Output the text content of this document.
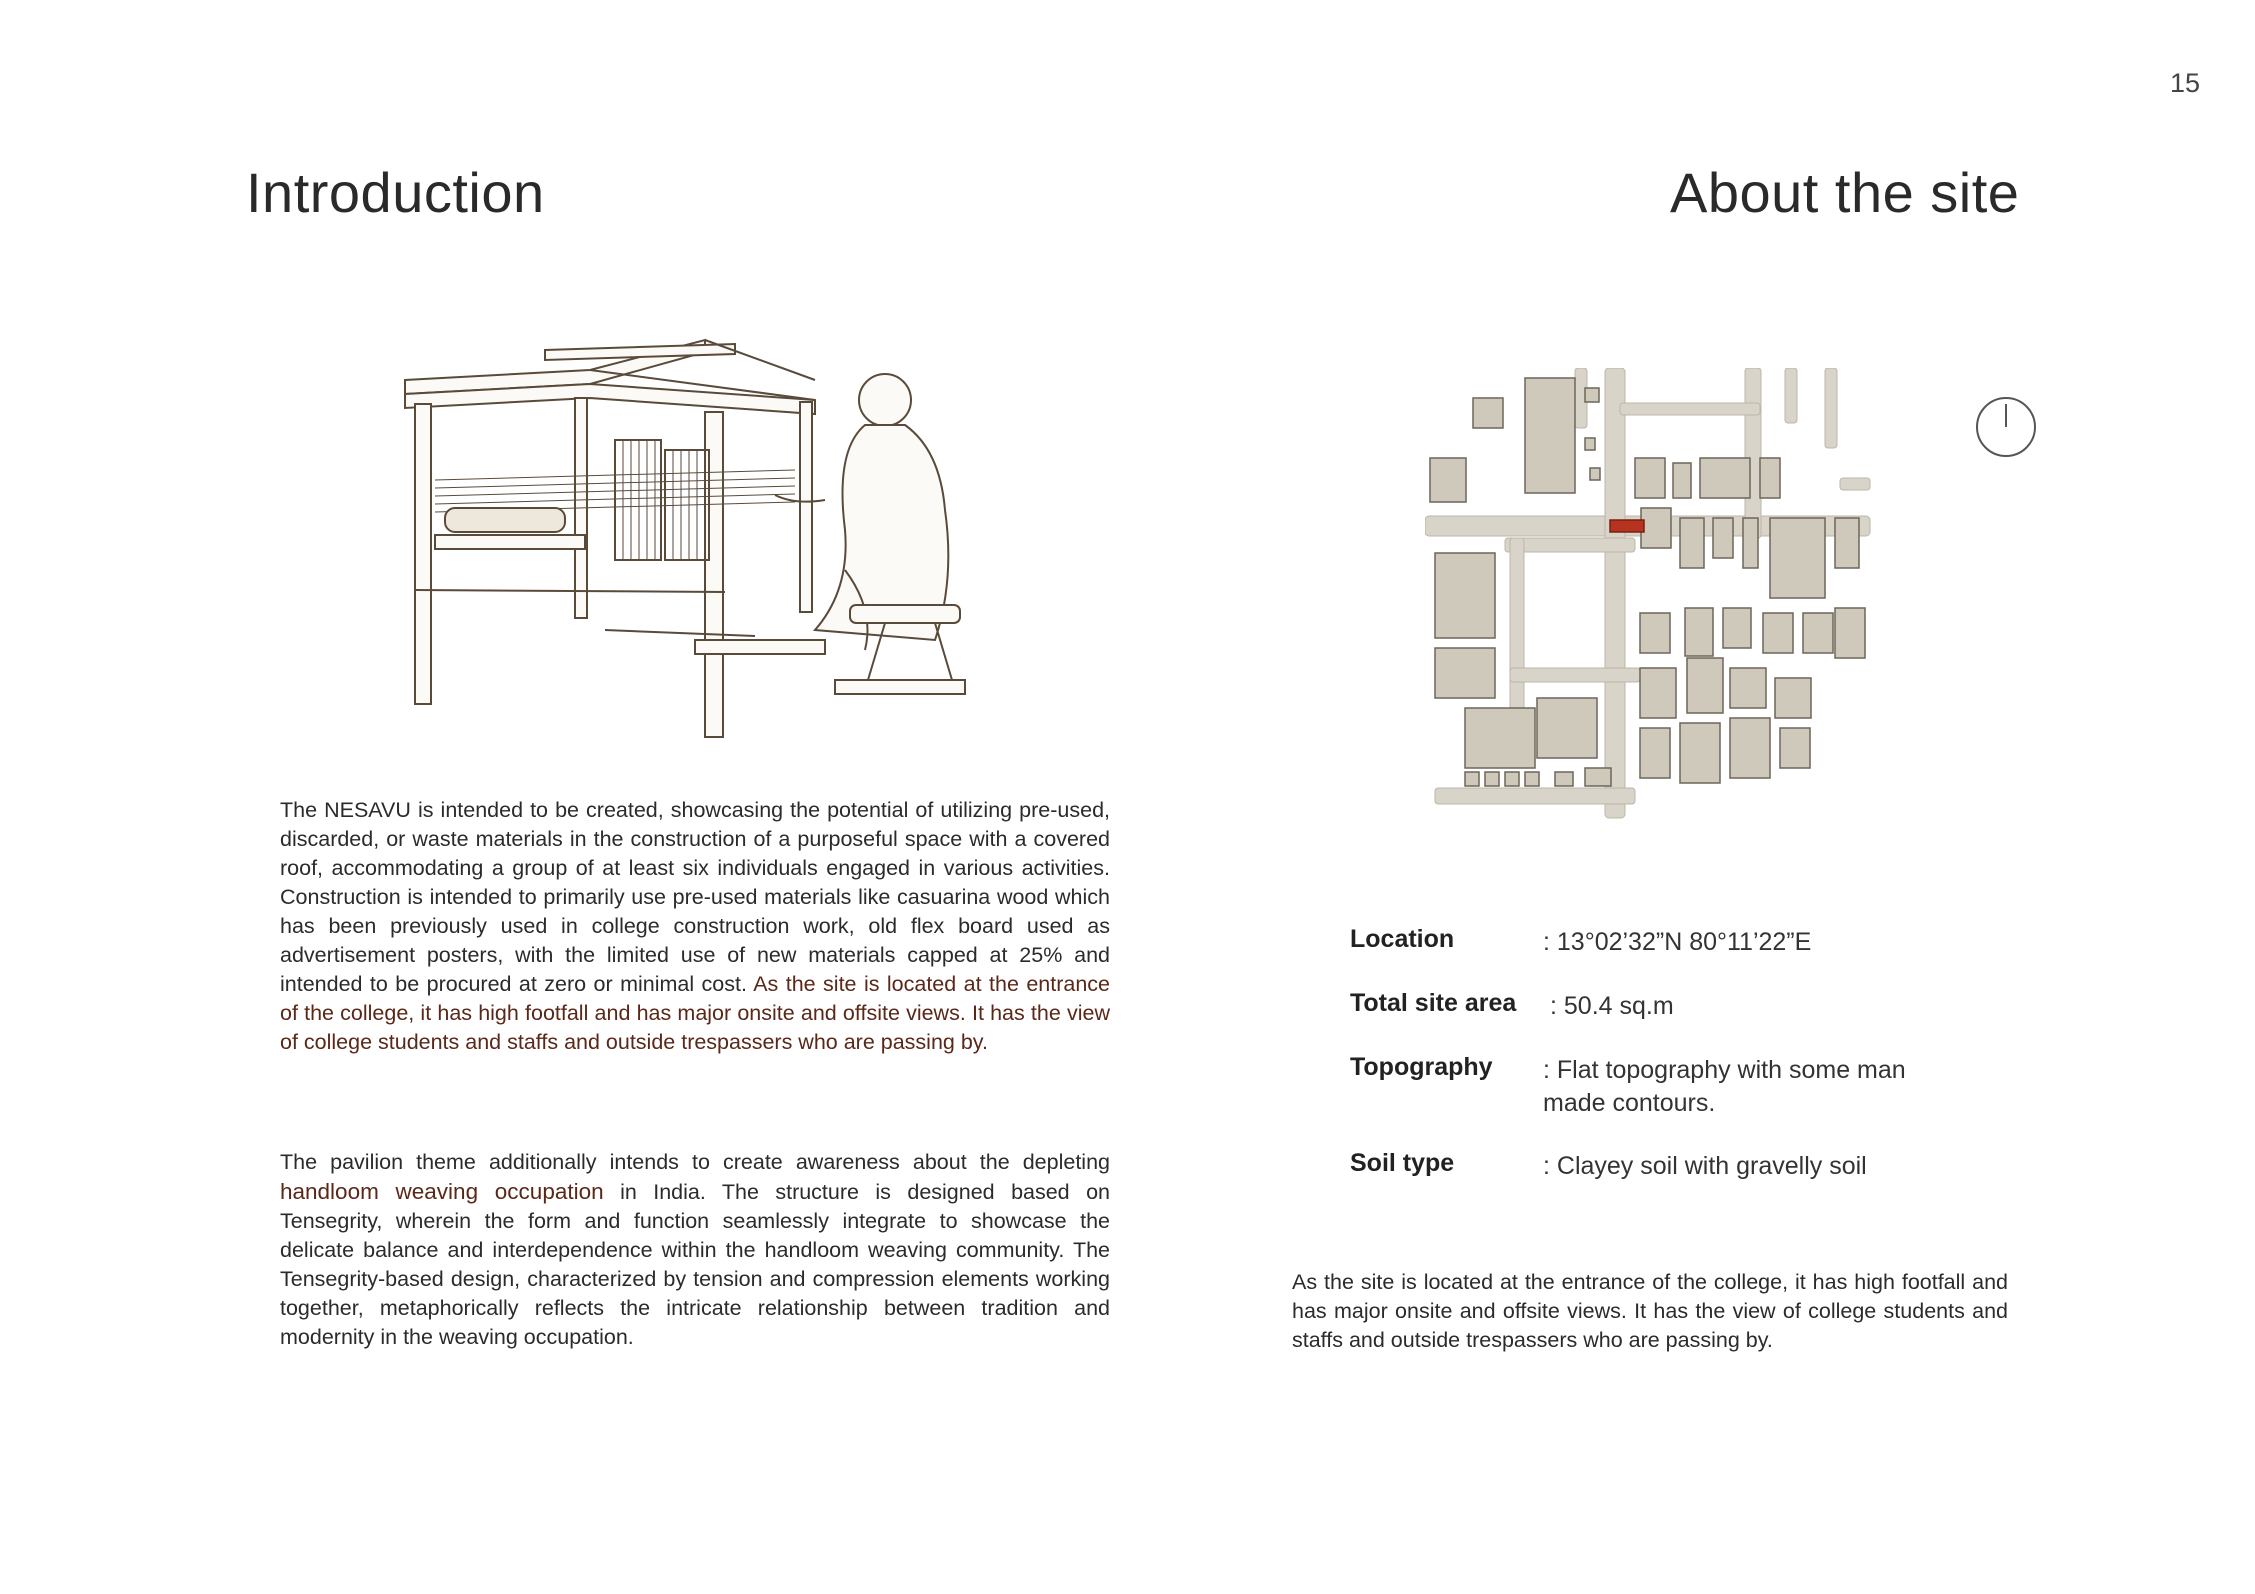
15
Introduction	About the site

The NESAVU is intended to be created, showcasing the potential of utilizing pre-used, discarded, or waste materials in the construction of a purposeful space with a covered roof, accommodating a group of at least six individuals engaged in various activities. Construction is intended to primarily use pre-used materials like casuarina wood which has been previously used in college construction work, old flex board used as advertisement posters, with the limited use of new materials capped at 25% and intended to be procured at zero or minimal cost. As the site is located at the entrance of the college, it has high footfall and has major onsite and offsite views. It has the view of college students and staffs and outside trespassers who are passing by.

The pavilion theme additionally intends to create awareness about the depleting handloom weaving occupation in India. The structure is designed based on Tensegrity, wherein the form and function seamlessly integrate to showcase the delicate balance and interdependence within the handloom weaving community. The Tensegrity-based design, characterized by tension and compression elements working together, metaphorically reflects the intricate relationship between tradition and modernity in the weaving occupation.

Location	: 13°02’32”N 80°11’22”E
Total site area : 50.4 sq.m
Topography : Flat topography with some man made contours.
Soil type	: Clayey soil with gravelly soil

As the site is located at the entrance of the college, it has high footfall and has major onsite and offsite views. It has the view of college students and staffs and outside trespassers who are passing by.
